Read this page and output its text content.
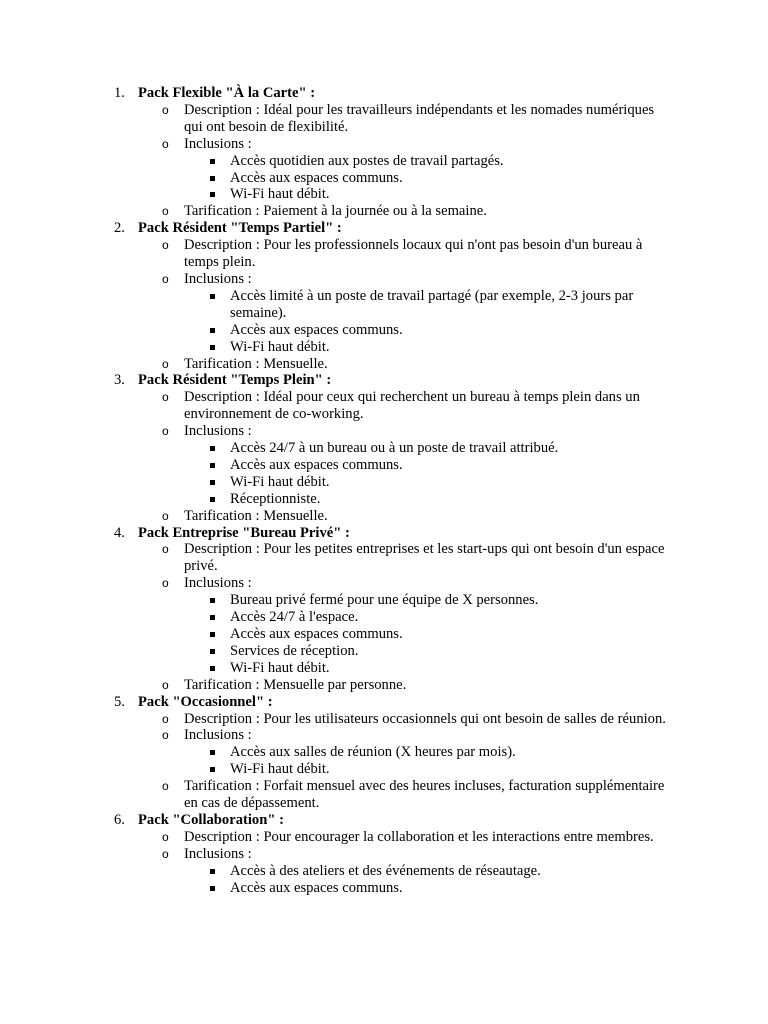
1. Pack Flexible "À la Carte" :
o Description : Idéal pour les travailleurs indépendants et les nomades numériques qui ont besoin de flexibilité.
o Inclusions :
Accès quotidien aux postes de travail partagés.
Accès aux espaces communs.
Wi-Fi haut débit.
o Tarification : Paiement à la journée ou à la semaine.
2. Pack Résident "Temps Partiel" :
o Description : Pour les professionnels locaux qui n'ont pas besoin d'un bureau à temps plein.
o Inclusions :
Accès limité à un poste de travail partagé (par exemple, 2-3 jours par semaine).
Accès aux espaces communs.
Wi-Fi haut débit.
o Tarification : Mensuelle.
3. Pack Résident "Temps Plein" :
o Description : Idéal pour ceux qui recherchent un bureau à temps plein dans un environnement de co-working.
o Inclusions :
Accès 24/7 à un bureau ou à un poste de travail attribué.
Accès aux espaces communs.
Wi-Fi haut débit.
Réceptionniste.
o Tarification : Mensuelle.
4. Pack Entreprise "Bureau Privé" :
o Description : Pour les petites entreprises et les start-ups qui ont besoin d'un espace privé.
o Inclusions :
Bureau privé fermé pour une équipe de X personnes.
Accès 24/7 à l'espace.
Accès aux espaces communs.
Services de réception.
Wi-Fi haut débit.
o Tarification : Mensuelle par personne.
5. Pack "Occasionnel" :
o Description : Pour les utilisateurs occasionnels qui ont besoin de salles de réunion.
o Inclusions :
Accès aux salles de réunion (X heures par mois).
Wi-Fi haut débit.
o Tarification : Forfait mensuel avec des heures incluses, facturation supplémentaire en cas de dépassement.
6. Pack "Collaboration" :
o Description : Pour encourager la collaboration et les interactions entre membres.
o Inclusions :
Accès à des ateliers et des événements de réseautage.
Accès aux espaces communs.
